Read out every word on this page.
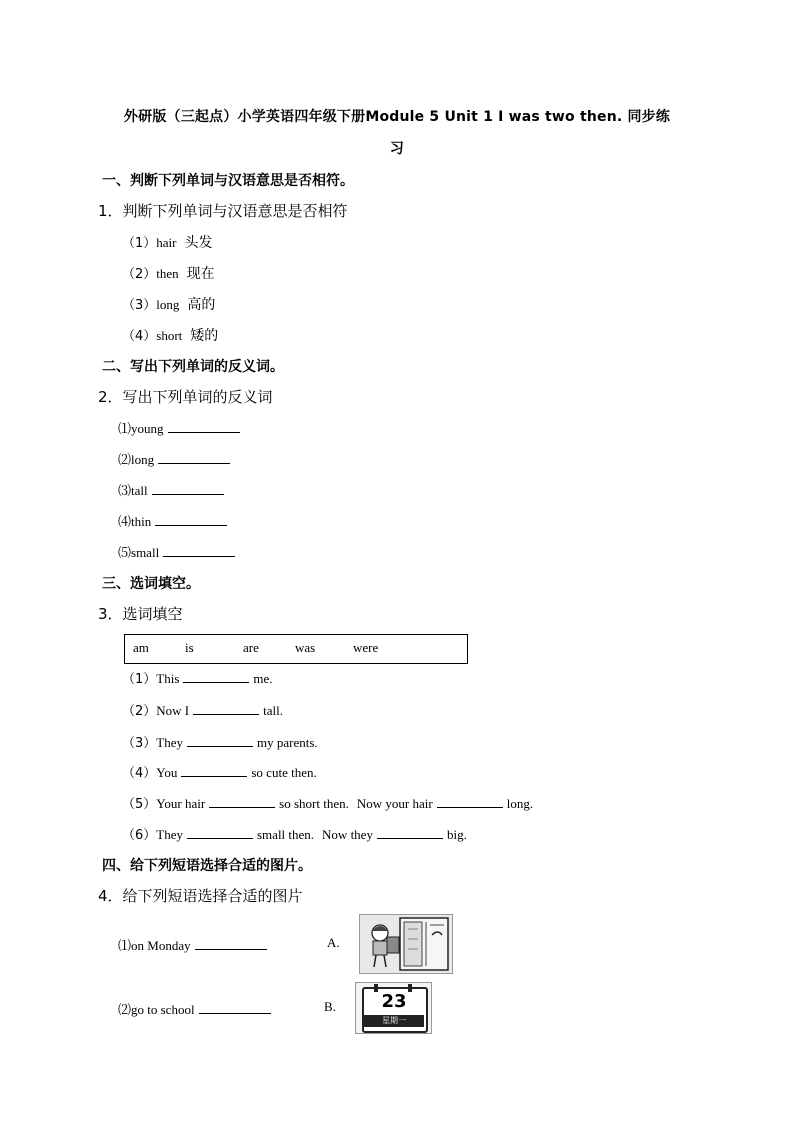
外研版（三起点）小学英语四年级下册Module 5 Unit 1 I was two then. 同步练
习
一、判断下列单词与汉语意思是否相符。
1．判断下列单词与汉语意思是否相符
（1）hair 头发
（2）then 现在
（3）long 高的
（4）short 矮的
二、写出下列单词的反义词。
2．写出下列单词的反义词
⑴young
⑵long
⑶tall
⑷thin
⑸small
三、选词填空。
3．选词填空
am	is	are	was	were
（1）This	me.
（2）Now I	tall.
（3）They	my parents.
（4）You	so cute then.
（5）Your hair	so short then. Now your hair	long.
（6）They	small then. Now they	big.
四、给下列短语选择合适的图片。
4．给下列短语选择合适的图片
⑴on Monday	A.
⑵go to school	B.	23
星期一
